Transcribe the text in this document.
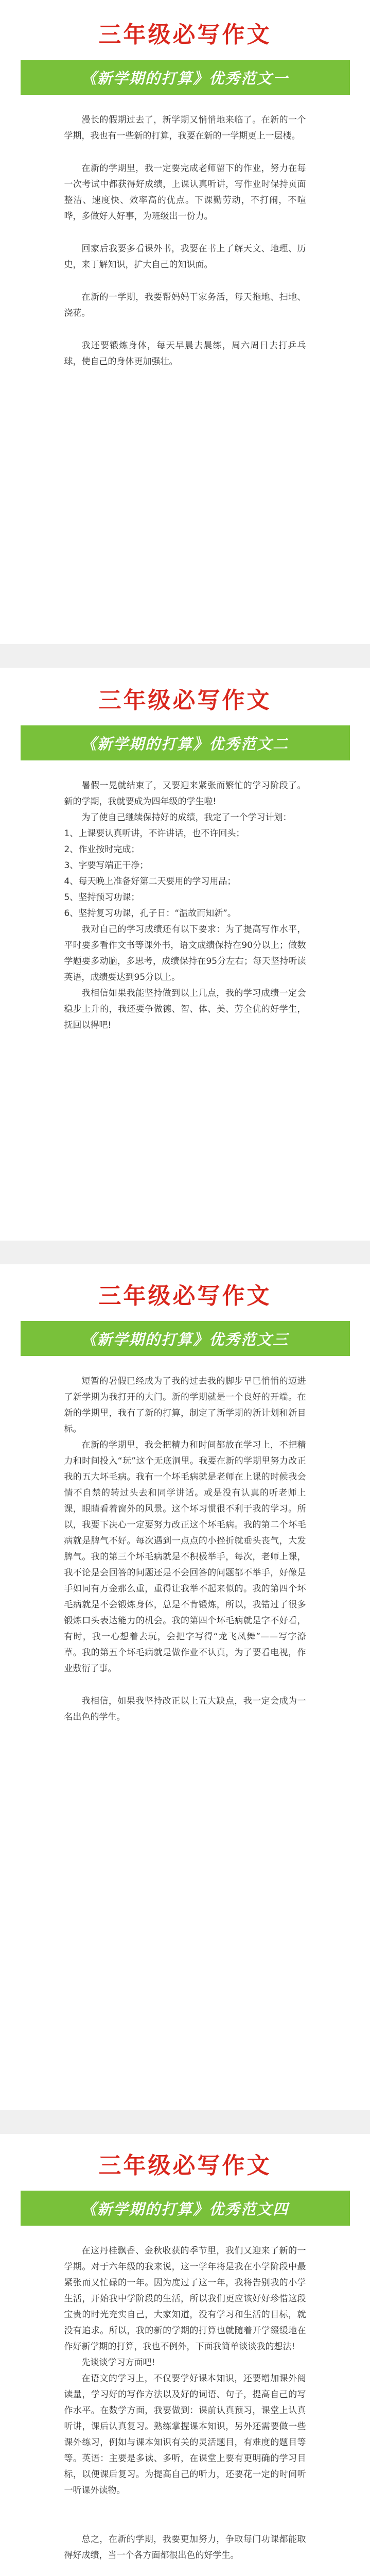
三年级必写作文
《新学期的打算》优秀范文一

漫长的假期过去了，新学期又悄悄地来临了。在新的一个学期，我也有一些新的打算，我要在新的一学期更上一层楼。

在新的学期里，我一定要完成老师留下的作业，努力在每一次考试中都获得好成绩，上课认真听讲，写作业时保持页面整洁、速度快、效率高的优点。下课勤劳动，不打闹，不喧哗，多做好人好事，为班级出一份力。

回家后我要多看课外书，我要在书上了解天文、地理、历史，来丁解知识，扩大自己的知识面。

在新的一学期，我要帮妈妈干家务活，每天拖地、扫地、浇花。

我还要锻炼身体，每天早晨去晨练，周六周日去打乒乓球，使自己的身体更加强壮。

三年级必写作文
《新学期的打算》优秀范文二

暑假一晃就结束了，又要迎来紧张而繁忙的学习阶段了。新的学期，我就要成为四年级的学生啦!

为了使自己继续保持好的成绩，我定了一个学习计划：

1、上课要认真听讲，不许讲话，也不许回头；

2、作业按时完成；

3、字要写端正干净；

4、每天晚上准备好第二天要用的学习用品；

5、坚持预习功课；

6、坚持复习功课，孔子日：“温故而知新”。

我对自己的学习成绩还有以下要求：为了提高写作水平，平时要多看作文书等课外书，语文成绩保持在90分以上；做数学题要多动脑，多思考，成绩保持在95分左右；每天坚持听读英语，成绩要达到95分以上。

我相信如果我能坚持做到以上几点，我的学习成绩一定会稳步上升的，我还要争做德、智、体、美、劳全优的好学生，抚回以得吧!

三年级必写作文
《新学期的打算》优秀范文三

短暂的暑假已经成为了我的过去我的脚步早已悄悄的迈进了新学期为我打开的大门。新的学期就是一个良好的开端。在新的学期里，我有了新的打算，制定了新学期的新计划和新目标。

在新的学期里，我会把精力和时间都放在学习上，不把精力和时间投入“玩”这个无底洞里。我要在新的学期里努力改正我的五大坏毛病。我有一个坏毛病就是老师在上课的时候我会情不自禁的转过头去和同学讲话。或是没有认真的听老师上课，眼睛看着窗外的风景。这个坏习惯很不利于我的学习。所以，我要下决心一定要努力改正这个坏毛病。我的第二个坏毛病就是脾气不好。每次遇到一点点的小挫折就垂头丧气，大发脾气。我的第三个坏毛病就是不积极举手，每次，老师上课，我不论是会回答的问题还是不会回答的问题都不举手，好像是手如同有万金那么重，重得让我举不起来似的。我的第四个坏毛病就是不会锻炼身体，总是不肯锻炼，所以，我错过了很多锻炼口头表达能力的机会。我的第四个坏毛病就是字不好看，有时，我一心想着去玩，会把字写得“龙飞凤舞”——写字潦草。我的第五个坏毛病就是做作业不认真，为了要看电视，作业敷衍了事。

我相信，如果我坚持改正以上五大缺点，我一定会成为一名出色的学生。

三年级必写作文
《新学期的打算》优秀范文四

在这丹桂飘香、金秋收获的季节里，我们又迎来了新的一学期。对于六年级的我来说，这一学年将是我在小学阶段中最紧张而又忙碌的一年。因为度过了这一年，我将告别我的小学生活，开始我中学阶段的生活，所以我们更应该好好珍惜这段宝贵的时光充实自己，大家知道，没有学习和生活的目标，就没有追求。所以，我的新的学期的打算也就随着开学缀缓地在作好新学期的打算，我也不例外，下面我简单谈谈我的想法!

先谈谈学习方面吧!

在语文的学习上，不仅要学好课本知识，还要增加课外阅读量，学习好的写作方法以及好的词语、句子，提高自己的写作水平。在数学方面，我要做到：课前认真预习，课堂上认真听讲，课后认真复习。熟练掌握课本知识，另外还需要做一些课外练习，例如与课本知识有关的灵活题目，有难度的题目等等。英语：主要是多读、多听，在课堂上要有更明确的学习目标，以便课后复习。为提高自己的听力，还要花一定的时间听一听课外读物。

总之，在新的学期，我要更加努力，争取每门功课都能取得好成绩，当一个各方面都很出色的好学生。
